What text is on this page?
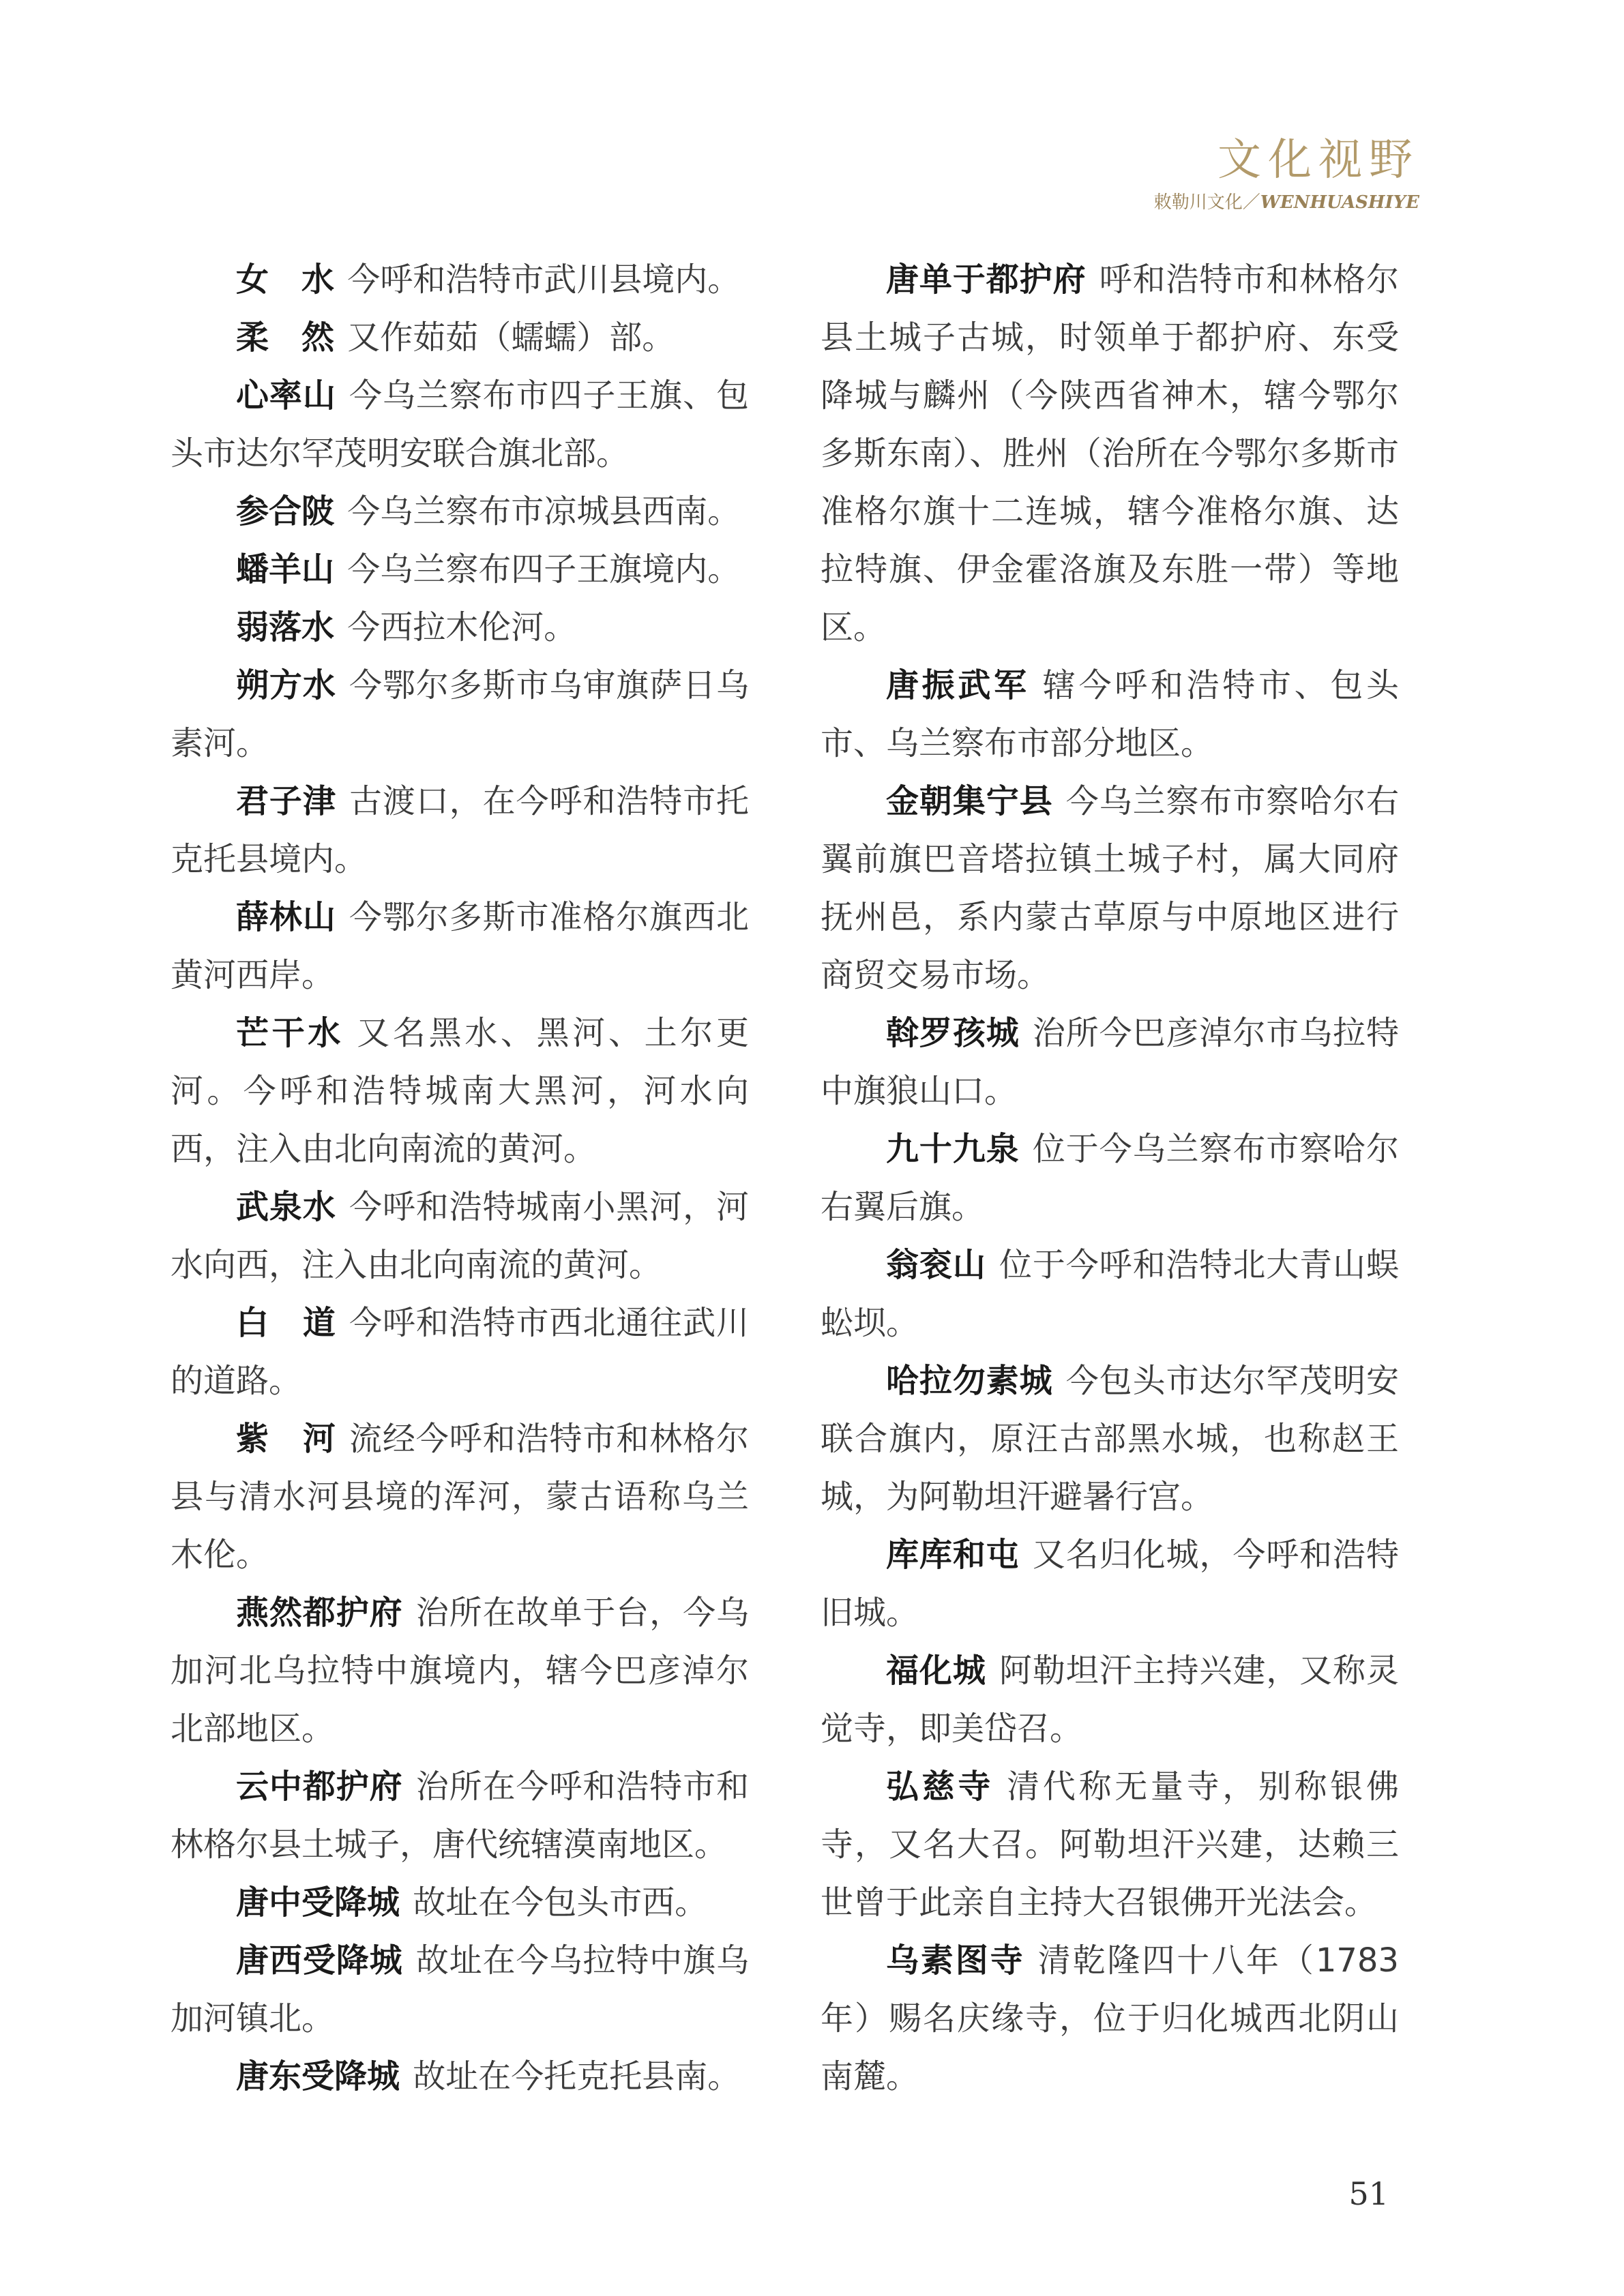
文化视野
敕勒川文化／WENHUASHIYE

女　水 今呼和浩特市武川县境内。

柔　然 又作茹茹（蠕蠕）部。

心率山 今乌兰察布市四子王旗、包头市达尔罕茂明安联合旗北部。

参合陂 今乌兰察布市凉城县西南。

蟠羊山 今乌兰察布四子王旗境内。

弱落水 今西拉木伦河。

朔方水 今鄂尔多斯市乌审旗萨日乌素河。

君子津 古渡口，在今呼和浩特市托克托县境内。

薛林山 今鄂尔多斯市准格尔旗西北黄河西岸。

芒干水 又名黑水、黑河、土尔更河。今呼和浩特城南大黑河，河水向西，注入由北向南流的黄河。

武泉水 今呼和浩特城南小黑河，河水向西，注入由北向南流的黄河。

白　道 今呼和浩特市西北通往武川的道路。

紫　河 流经今呼和浩特市和林格尔县与清水河县境的浑河，蒙古语称乌兰木伦。

燕然都护府 治所在故单于台，今乌加河北乌拉特中旗境内，辖今巴彦淖尔北部地区。

云中都护府 治所在今呼和浩特市和林格尔县土城子，唐代统辖漠南地区。

唐中受降城 故址在今包头市西。

唐西受降城 故址在今乌拉特中旗乌加河镇北。

唐东受降城 故址在今托克托县南。

唐单于都护府 呼和浩特市和林格尔县土城子古城，时领单于都护府、东受降城与麟州（今陕西省神木，辖今鄂尔多斯东南）、胜州（治所在今鄂尔多斯市准格尔旗十二连城，辖今准格尔旗、达拉特旗、伊金霍洛旗及东胜一带）等地区。

唐振武军 辖今呼和浩特市、包头市、乌兰察布市部分地区。

金朝集宁县 今乌兰察布市察哈尔右翼前旗巴音塔拉镇土城子村，属大同府抚州邑，系内蒙古草原与中原地区进行商贸交易市场。

斡罗孩城 治所今巴彦淖尔市乌拉特中旗狼山口。

九十九泉 位于今乌兰察布市察哈尔右翼后旗。

翁衮山 位于今呼和浩特北大青山蜈蚣坝。

哈拉勿素城 今包头市达尔罕茂明安联合旗内，原汪古部黑水城，也称赵王城，为阿勒坦汗避暑行宫。

库库和屯 又名归化城，今呼和浩特旧城。

福化城 阿勒坦汗主持兴建，又称灵觉寺，即美岱召。

弘慈寺 清代称无量寺，别称银佛寺，又名大召。阿勒坦汗兴建，达赖三世曾于此亲自主持大召银佛开光法会。

乌素图寺 清乾隆四十八年（1783年）赐名庆缘寺，位于归化城西北阴山南麓。

51
